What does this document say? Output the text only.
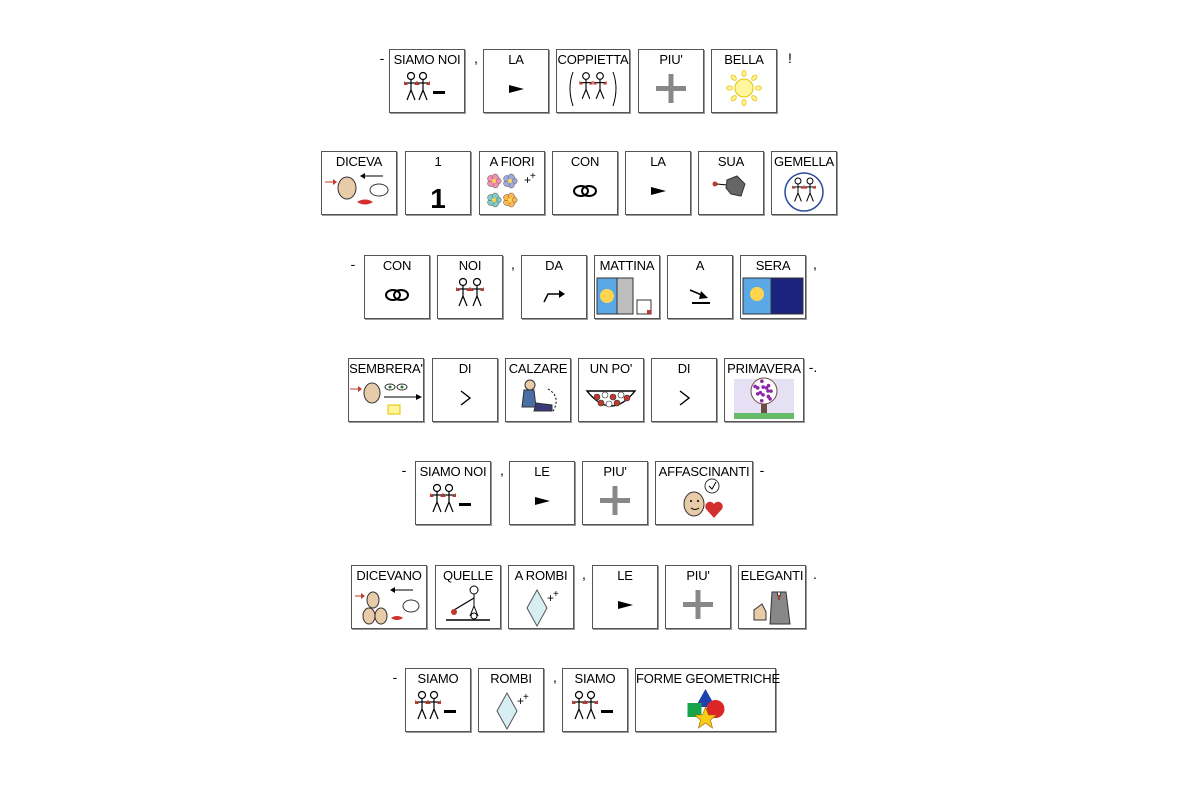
- SIAMO NOI ,	LA	COPPIETTA	PIU'	BELLA	!
DICEVA	1
1
A FIORI
+
+
CON	LA	SUA	GEMELLA
-	CON	NOI	,	DA	MATTINA	A	SERA	,
SEMBRERA'	DI	CALZARE	UN PO'	DI	PRIMAVERA -.
-	SIAMO NOI ,	LE	PIU'	AFFASCINANTI -
DICEVANO	QUELLE	A ROMBI
+
+
,	LE	PIU'	ELEGANTI .
-	SIAMO	ROMBI
+
+
,	SIAMO	FORME GEOMETRICHE
